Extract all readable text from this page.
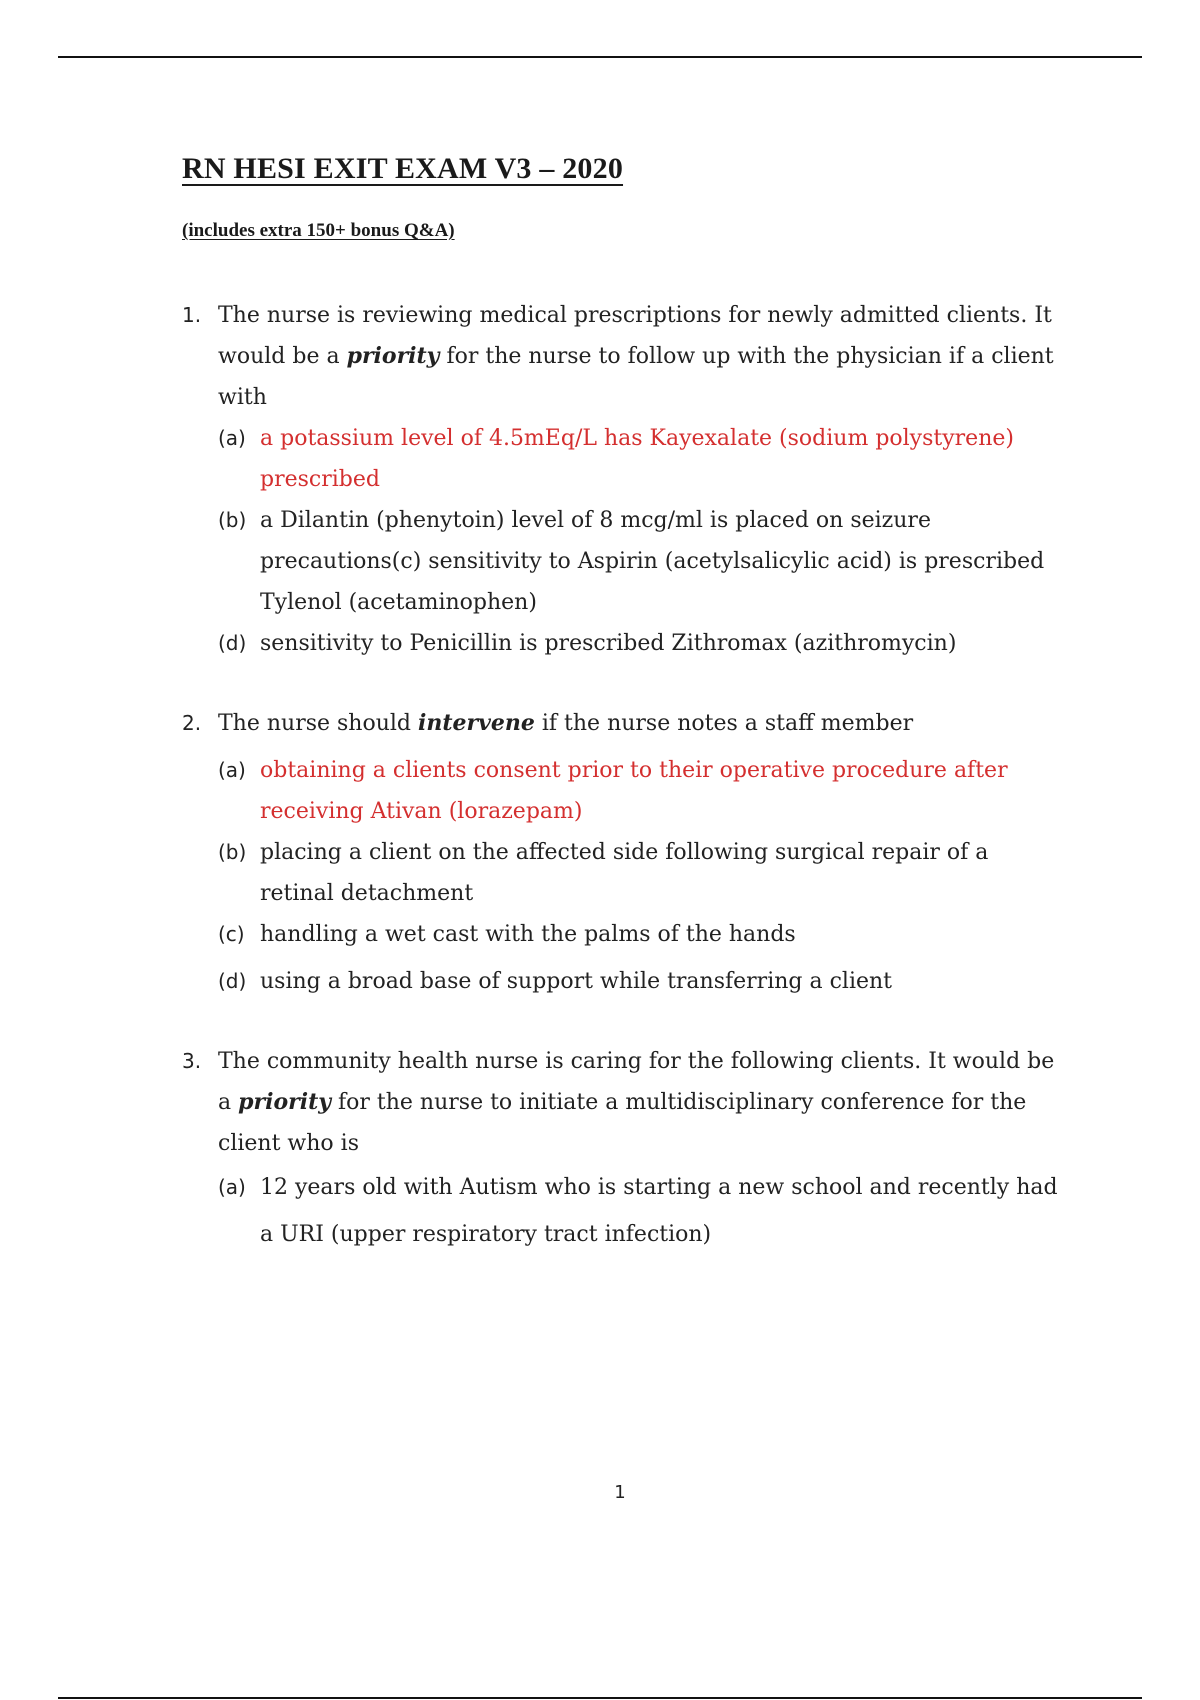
RN HESI EXIT EXAM V3 – 2020

(includes extra 150+ bonus Q&A)

1. The nurse is reviewing medical prescriptions for newly admitted clients. It would be a priority for the nurse to follow up with the physician if a client with
(a) a potassium level of 4.5mEq/L has Kayexalate (sodium polystyrene) prescribed
(b) a Dilantin (phenytoin) level of 8 mcg/ml is placed on seizure precautions(c) sensitivity to Aspirin (acetylsalicylic acid) is prescribed Tylenol (acetaminophen)
(d) sensitivity to Penicillin is prescribed Zithromax (azithromycin)
2. The nurse should intervene if the nurse notes a staff member
(a) obtaining a clients consent prior to their operative procedure after receiving Ativan (lorazepam)
(b) placing a client on the affected side following surgical repair of a retinal detachment
(c) handling a wet cast with the palms of the hands
(d) using a broad base of support while transferring a client
3. The community health nurse is caring for the following clients. It would be a priority for the nurse to initiate a multidisciplinary conference for the client who is
(a) 12 years old with Autism who is starting a new school and recently had a URI (upper respiratory tract infection)
1
